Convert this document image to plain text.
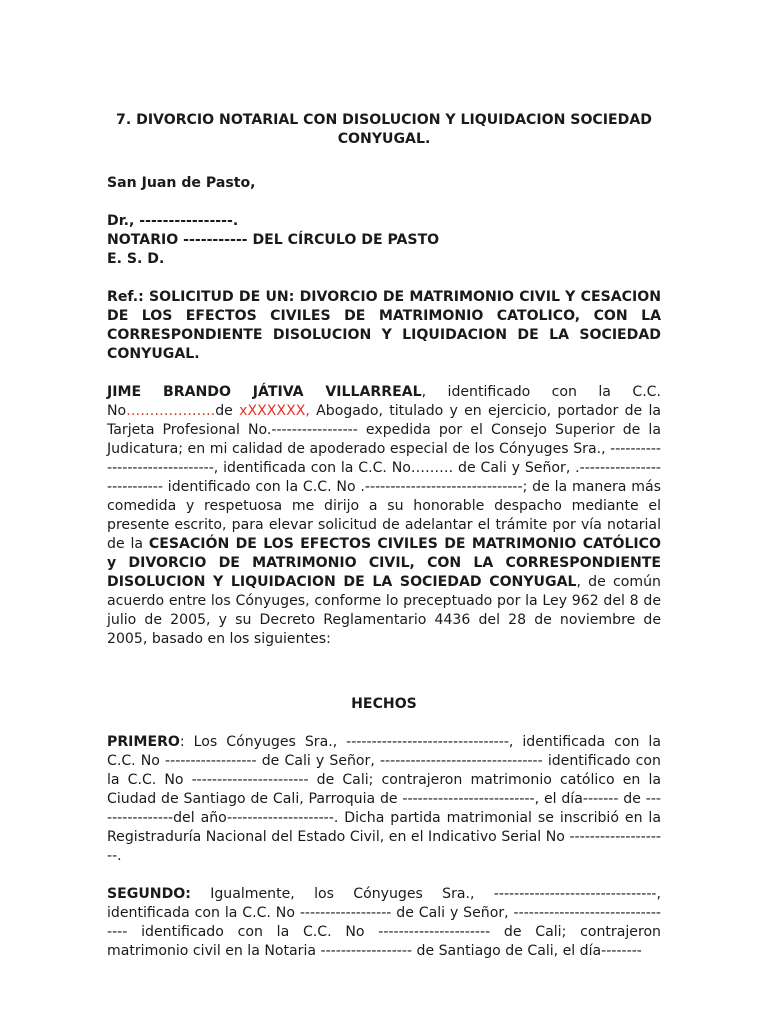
7. DIVORCIO NOTARIAL CON DISOLUCION Y LIQUIDACION SOCIEDAD CONYUGAL.

San Juan de Pasto,

Dr., ----------------.

NOTARIO ----------- DEL CÍRCULO DE PASTO

E. S. D.

Ref.: SOLICITUD DE UN: DIVORCIO DE MATRIMONIO CIVIL Y CESACION DE LOS EFECTOS CIVILES DE MATRIMONIO CATOLICO, CON LA CORRESPONDIENTE DISOLUCION Y LIQUIDACION DE LA SOCIEDAD CONYUGAL.

JIME BRANDO JÁTIVA VILLARREAL, identificado con la C.C. No……………….de xXXXXXX, Abogado, titulado y en ejercicio, portador de la Tarjeta Profesional No.----------------- expedida por el Consejo Superior de la Judicatura; en mi calidad de apoderado especial de los Cónyuges Sra., -------------------------------, identificada con la C.C. No……… de Cali y Señor, .--------------------------- identificado con la C.C. No .-------------------------------; de la manera más comedida y respetuosa me dirijo a su honorable despacho mediante el presente escrito, para elevar solicitud de adelantar el trámite por vía notarial de la CESACIÓN DE LOS EFECTOS CIVILES DE MATRIMONIO CATÓLICO y DIVORCIO DE MATRIMONIO CIVIL, CON LA CORRESPONDIENTE DISOLUCION Y LIQUIDACION DE LA SOCIEDAD CONYUGAL, de común acuerdo entre los Cónyuges, conforme lo preceptuado por la Ley 962 del 8 de julio de 2005, y su Decreto Reglamentario 4436 del 28 de noviembre de 2005, basado en los siguientes:

HECHOS

PRIMERO: Los Cónyuges Sra., --------------------------------, identificada con la C.C. No ------------------ de Cali y Señor, -------------------------------- identificado con la C.C. No ----------------------- de Cali; contrajeron matrimonio católico en la Ciudad de Santiago de Cali, Parroquia de --------------------------, el día------- de ----------------del año---------------------. Dicha partida matrimonial se inscribió en la Registraduría Nacional del Estado Civil, en el Indicativo Serial No --------------------.

SEGUNDO: Igualmente, los Cónyuges Sra., --------------------------------, identificada con la C.C. No ------------------ de Cali y Señor, --------------------------------- identificado con la C.C. No ---------------------- de Cali; contrajeron matrimonio civil en la Notaria ------------------ de Santiago de Cali, el día--------
